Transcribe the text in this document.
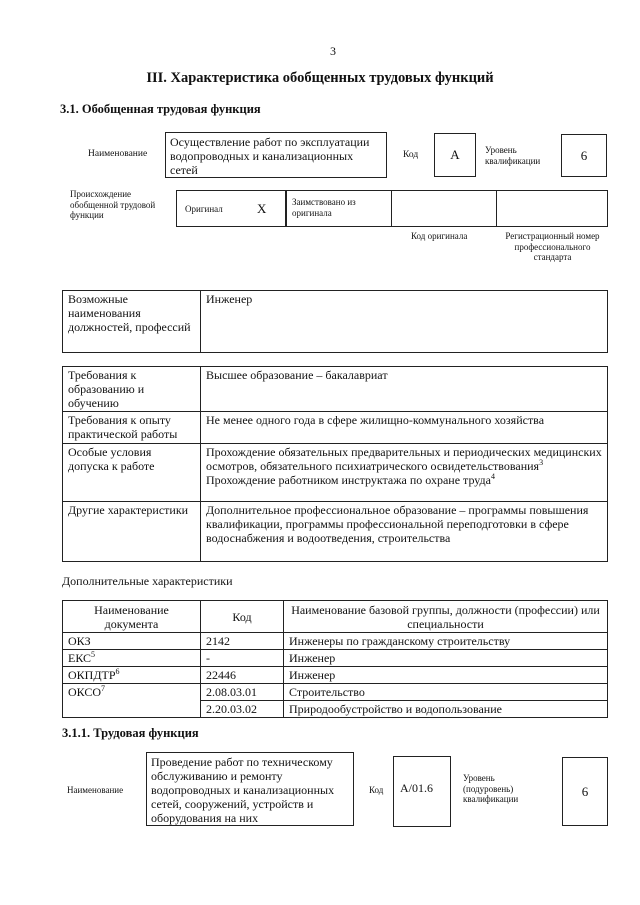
3
III. Характеристика обобщенных трудовых функций
3.1. Обобщенная трудовая функция
Наименование
Осуществление работ по эксплуатации водопроводных и канализационных сетей
Код	А	Уровень квалификации	6
Происхождение обобщенной трудовой функции
Оригинал	Х	Заимствовано из оригинала
Код оригинала	Регистрационный номер профессионального стандарта
Возможные наименования должностей, профессий	Инженер
Требования к образованию и обучению	Высшее образование – бакалавриат
Требования к опыту практической работы	Не менее одного года в сфере жилищно-коммунального хозяйства
Особые условия допуска к работе	Прохождение обязательных предварительных и периодических медицинских осмотров, обязательного психиатрического освидетельствования$^3$
Прохождение работником инструктажа по охране труда$^4$
Другие характеристики	Дополнительное профессиональное образование – программы повышения квалификации, программы профессиональной переподготовки в сфере водоснабжения и водоотведения, строительства
Дополнительные характеристики
Наименование документа	Код	Наименование базовой группы, должности (профессии) или специальности
ОКЗ	2142	Инженеры по гражданскому строительству
ЕКС$^5$	-	Инженер
ОКПДТР$^6$	22446	Инженер
ОКСО$^7$	2.08.03.01	Строительство
	2.20.03.02	Природообустройство и водопользование
3.1.1. Трудовая функция
Наименование
Проведение работ по техническому обслуживанию и ремонту водопроводных и канализационных сетей, сооружений, устройств и оборудования на них
Код	А/01.6
Уровень (подуровень) квалификации
6
